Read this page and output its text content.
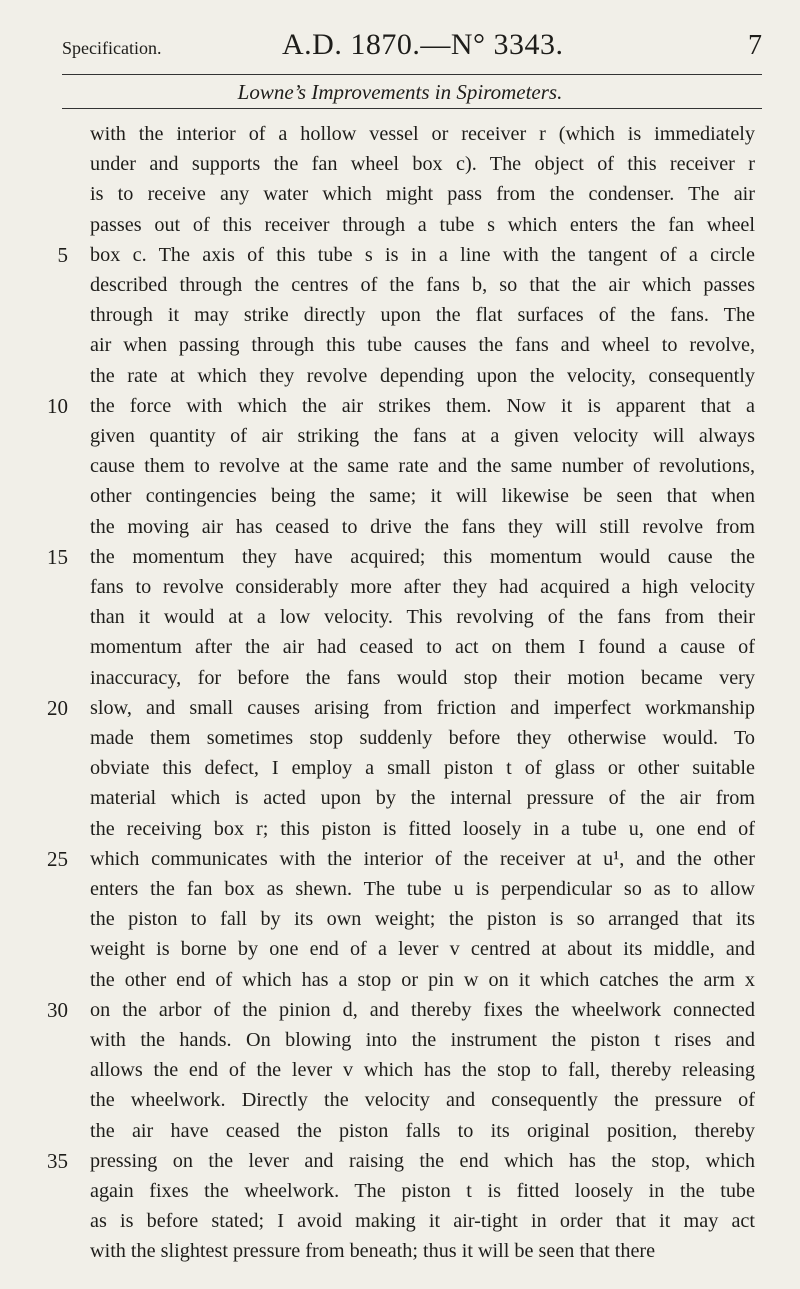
Specification.	A.D. 1870.—N° 3343.	7
Lowne’s Improvements in Spirometers.
with the interior of a hollow vessel or receiver r (which is immediately
under and supports the fan wheel box c). The object of this receiver r
is to receive any water which might pass from the condenser. The air
passes out of this receiver through a tube s which enters the fan wheel
box c. The axis of this tube s is in a line with the tangent of a circle
5
described through the centres of the fans b, so that the air which passes
through it may strike directly upon the flat surfaces of the fans. The
air when passing through this tube causes the fans and wheel to revolve,
the rate at which they revolve depending upon the velocity, consequently
the force with which the air strikes them. Now it is apparent that a
10
given quantity of air striking the fans at a given velocity will always
cause them to revolve at the same rate and the same number of revolutions,
other contingencies being the same; it will likewise be seen that when
the moving air has ceased to drive the fans they will still revolve from
the momentum they have acquired; this momentum would cause the
15
fans to revolve considerably more after they had acquired a high velocity
than it would at a low velocity. This revolving of the fans from their
momentum after the air had ceased to act on them I found a cause of
inaccuracy, for before the fans would stop their motion became very
slow, and small causes arising from friction and imperfect workmanship
20
made them sometimes stop suddenly before they otherwise would. To
obviate this defect, I employ a small piston t of glass or other suitable
material which is acted upon by the internal pressure of the air from
the receiving box r; this piston is fitted loosely in a tube u, one end of
which communicates with the interior of the receiver at u¹, and the other
25
enters the fan box as shewn. The tube u is perpendicular so as to allow
the piston to fall by its own weight; the piston is so arranged that its
weight is borne by one end of a lever v centred at about its middle, and
the other end of which has a stop or pin w on it which catches the arm x
on the arbor of the pinion d, and thereby fixes the wheelwork connected
30
with the hands. On blowing into the instrument the piston t rises and
allows the end of the lever v which has the stop to fall, thereby releasing
the wheelwork. Directly the velocity and consequently the pressure of
the air have ceased the piston falls to its original position, thereby
pressing on the lever and raising the end which has the stop, which
35
again fixes the wheelwork. The piston t is fitted loosely in the tube
as is before stated; I avoid making it air-tight in order that it may act
with the slightest pressure from beneath; thus it will be seen that there
